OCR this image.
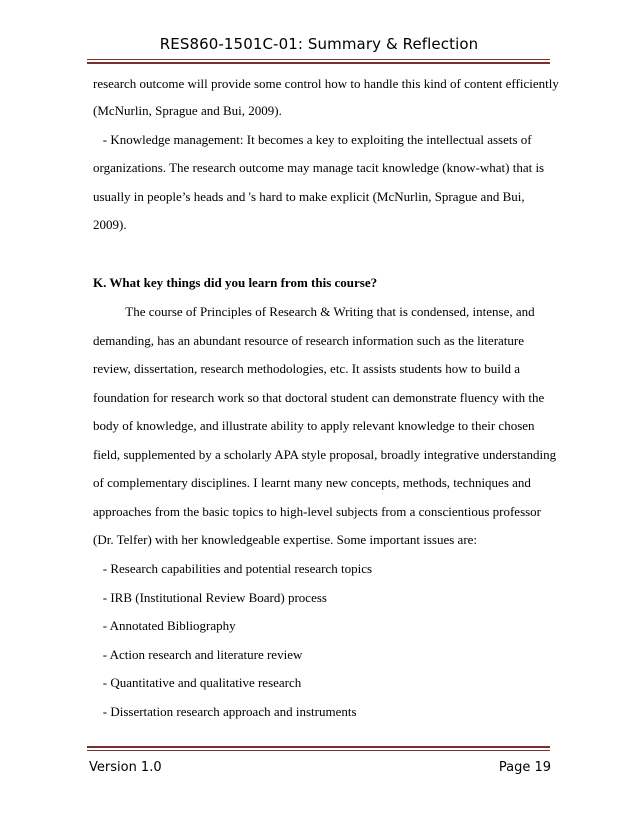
RES860-1501C-01: Summary & Reflection
research outcome will provide some control how to handle this kind of content efficiently
(McNurlin, Sprague and Bui, 2009).
- Knowledge management: It becomes a key to exploiting the intellectual assets of
organizations. The research outcome may manage tacit knowledge (know-what) that is
usually in people’s heads and 's hard to make explicit (McNurlin, Sprague and Bui,
2009).
K. What key things did you learn from this course?
The course of Principles of Research & Writing that is condensed, intense, and
demanding, has an abundant resource of research information such as the literature
review, dissertation, research methodologies, etc. It assists students how to build a
foundation for research work so that doctoral student can demonstrate fluency with the
body of knowledge, and illustrate ability to apply relevant knowledge to their chosen
field, supplemented by a scholarly APA style proposal, broadly integrative understanding
of complementary disciplines. I learnt many new concepts, methods, techniques and
approaches from the basic topics to high-level subjects from a conscientious professor
(Dr. Telfer) with her knowledgeable expertise. Some important issues are:
- Research capabilities and potential research topics
- IRB (Institutional Review Board) process
- Annotated Bibliography
- Action research and literature review
- Quantitative and qualitative research
- Dissertation research approach and instruments
Version 1.0	Page 19
